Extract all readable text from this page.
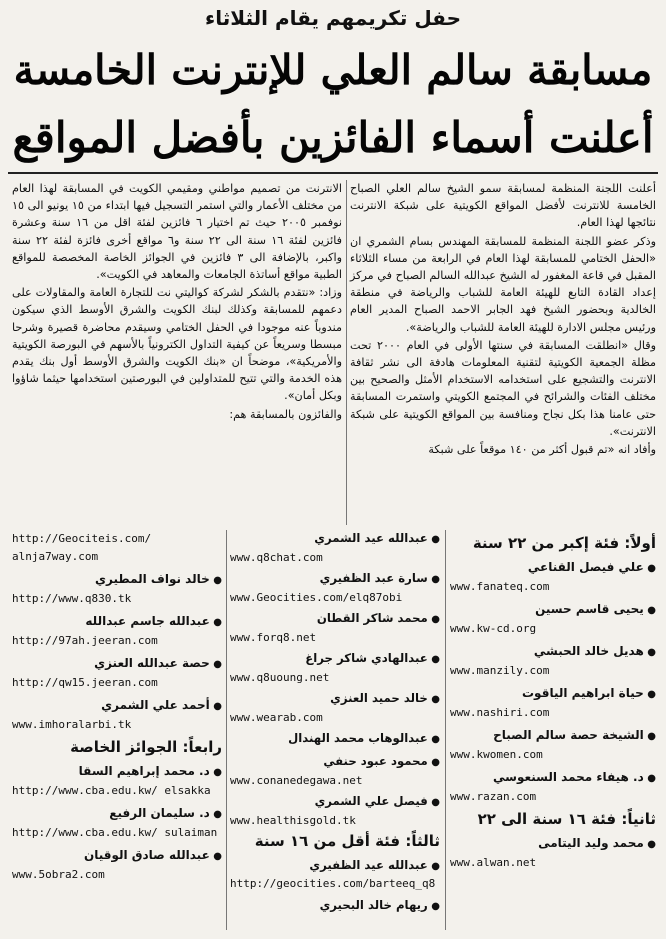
حفل تكريمهم يقام الثلاثاء
مسابقة سالم العلي للإنترنت الخامسة
أعلنت أسماء الفائزين بأفضل المواقع

أعلنت اللجنة المنظمة لمسابقة سمو الشيخ سالم العلي الصباح الخامسة للانترنت لأفضل المواقع الكويتية على شبكة الانترنت نتائجها لهذا العام.

وذكر عضو اللجنة المنظمة للمسابقة المهندس بسام الشمري ان «الحفل الختامي للمسابقة لهذا العام في الرابعة من مساء الثلاثاء المقبل في قاعة المغفور له الشيخ عبدالله السالم الصباح في مركز إعداد القادة التابع للهيئة العامة للشباب والرياضة في منطقة الخالدية وبحضور الشيخ فهد الجابر الاحمد الصباح المدير العام ورئيس مجلس الادارة للهيئة العامة للشباب والرياضة».

وقال «انطلقت المسابقة في سنتها الأولى في العام ٢٠٠٠ تحت مظلة الجمعية الكويتية لتقنية المعلومات هادفة الى نشر ثقافة الانترنت والتشجيع على استخدامه الاستخدام الأمثل والصحيح بين مختلف الفئات والشرائح في المجتمع الكويتي واستمرت المسابقة حتى عامنا هذا بكل نجاح ومنافسة بين المواقع الكويتية على شبكة الانترنت».

وأفاد انه «تم قبول أكثر من ١٤٠ موقعاً على شبكة

الانترنت من تصميم مواطني ومقيمي الكويت في المسابقة لهذا العام من مختلف الأعمار والتي استمر التسجيل فيها ابتداء من ١٥ يونيو الى ١٥ نوفمبر ٢٠٠٥ حيث تم اختيار ٦ فائزين لفئة اقل من ١٦ سنة وعشرة فائزين لفئة ١٦ سنة الى ٢٢ سنة و٦ مواقع أخرى فائزة لفئة ٢٢ سنة واكبر، بالإضافة الى ٣ فائزين في الجوائز الخاصة المخصصة للمواقع الطبية مواقع أساتذة الجامعات والمعاهد في الكويت».

وزاد: «نتقدم بالشكر لشركة كواليتي نت للتجارة العامة والمقاولات على دعمهم للمسابقة وكذلك لبنك الكويت والشرق الأوسط الذي سيكون مندوباً عنه موجودا في الحفل الختامي وسيقدم محاضرة قصيرة وشرحا مبسطا وسريعاً عن كيفية التداول الكترونياً بالأسهم في البورصة الكويتية والأمريكية»، موضحاً ان «بنك الكويت والشرق الأوسط أول بنك يقدم هذه الخدمة والتي تتيح للمتداولين في البورصتين استخدامها حيثما شاؤوا وبكل أمان».

والفائزون بالمسابقة هم:

أولاً: فئة إكبر من ٢٢ سنة
● علي فيصل القناعي
www.fanateq.com
● يحيى قاسم حسين
www.kw-cd.org
● هديل خالد الحبشي
www.manzily.com
● حياة ابراهيم الياقوت
www.nashiri.com
● الشيخة حصة سالم الصباح
www.kwomen.com
● د. هيفاء محمد السنعوسي
www.razan.com
ثانياً: فئة ١٦ سنة الى ٢٢
● محمد وليد اليتامى
www.alwan.net
● عبدالله عيد الشمري
www.q8chat.com
● سارة عبد الظفيري
www.Geocities.com/elq87obi
● محمد شاكر القطان
www.forq8.net
● عبدالهادي شاكر جراغ
www.q8uoung.net
● خالد حميد العنزي
www.wearab.com
● عبدالوهاب محمد الهندال
● محمود عبود حنفي
www.conanedegawa.net
● فيصل علي الشمري
www.healthisgold.tk
ثالثاً: فئة أقل من ١٦ سنة
● عبدالله عيد الظفيري
http://geocities.com/barteeq_q8
● ريهام خالد البحيري
http://Geociteis.com/ alnja7way.com
● خالد نواف المطيري
http://www.q830.tk
● عبدالله جاسم عبدالله
http://97ah.jeeran.com
● حصة عبدالله العنزي
http://qw15.jeeran.com
● أحمد علي الشمري
www.imhoralarbi.tk
رابعاً: الجوائز الخاصة
● د. محمد إبراهيم السقا
http://www.cba.edu.kw/ elsakka
● د. سليمان الرفيع
http://www.cba.edu.kw/ sulaiman
● عبدالله صادق الوقيان
www.5obra2.com
